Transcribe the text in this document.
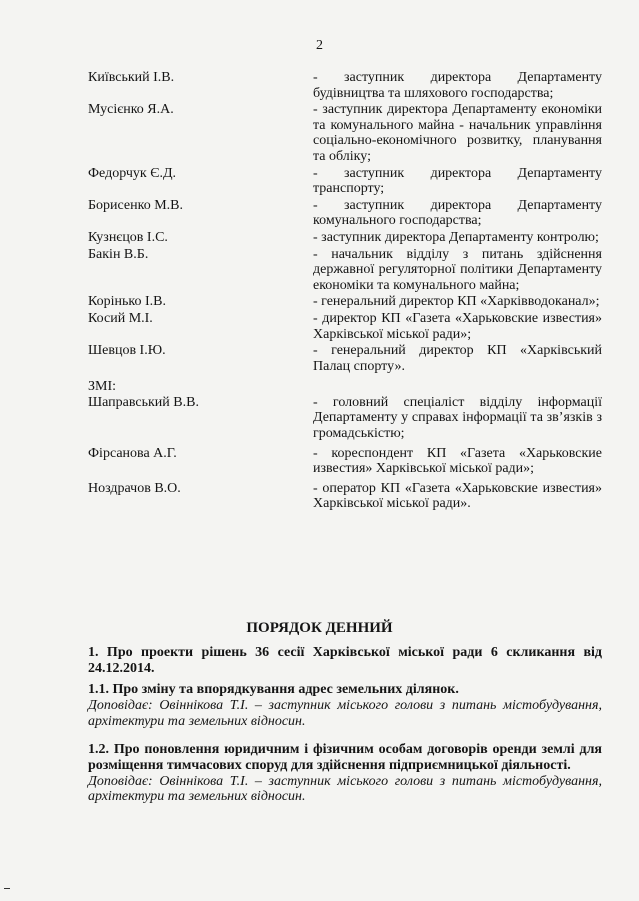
2
Київський І.В.	- заступник директора Департаменту будівництва та шляхового господарства;
Мусієнко Я.А.	- заступник директора Департаменту економіки та комунального майна - начальник управління соціально-економічного розвитку, планування та обліку;
Федорчук Є.Д.	- заступник директора Департаменту транспорту;
Борисенко М.В.	- заступник директора Департаменту комунального господарства;
Кузнєцов І.С.	- заступник директора Департаменту контролю;
Бакін В.Б.	- начальник відділу з питань здійснення державної регуляторної політики Департаменту економіки та комунального майна;
Корінько І.В.	- генеральний директор КП «Харківводоканал»;
Косий М.І.	- директор КП «Газета «Харьковские известия» Харківської міської ради»;
Шевцов І.Ю.	- генеральний директор КП «Харківський Палац спорту».
ЗМІ:
Шаправський В.В.	- головний спеціаліст відділу інформації Департаменту у справах інформації та зв’язків з громадськістю;
Фірсанова А.Г.	- кореспондент КП «Газета «Харьковские известия» Харківської міської ради»;
Ноздрачов В.О.	- оператор КП «Газета «Харьковские известия» Харківської міської ради».
ПОРЯДОК ДЕННИЙ
1. Про проекти рішень 36 сесії Харківської міської ради 6 скликання від 24.12.2014.
1.1. Про зміну та впорядкування адрес земельних ділянок.
Доповідає: Овіннікова Т.І. – заступник міського голови з питань містобудування, архітектури та земельних відносин.
1.2. Про поновлення юридичним і фізичним особам договорів оренди землі для розміщення тимчасових споруд для здійснення підприємницької діяльності.
Доповідає: Овіннікова Т.І. – заступник міського голови з питань містобудування, архітектури та земельних відносин.
